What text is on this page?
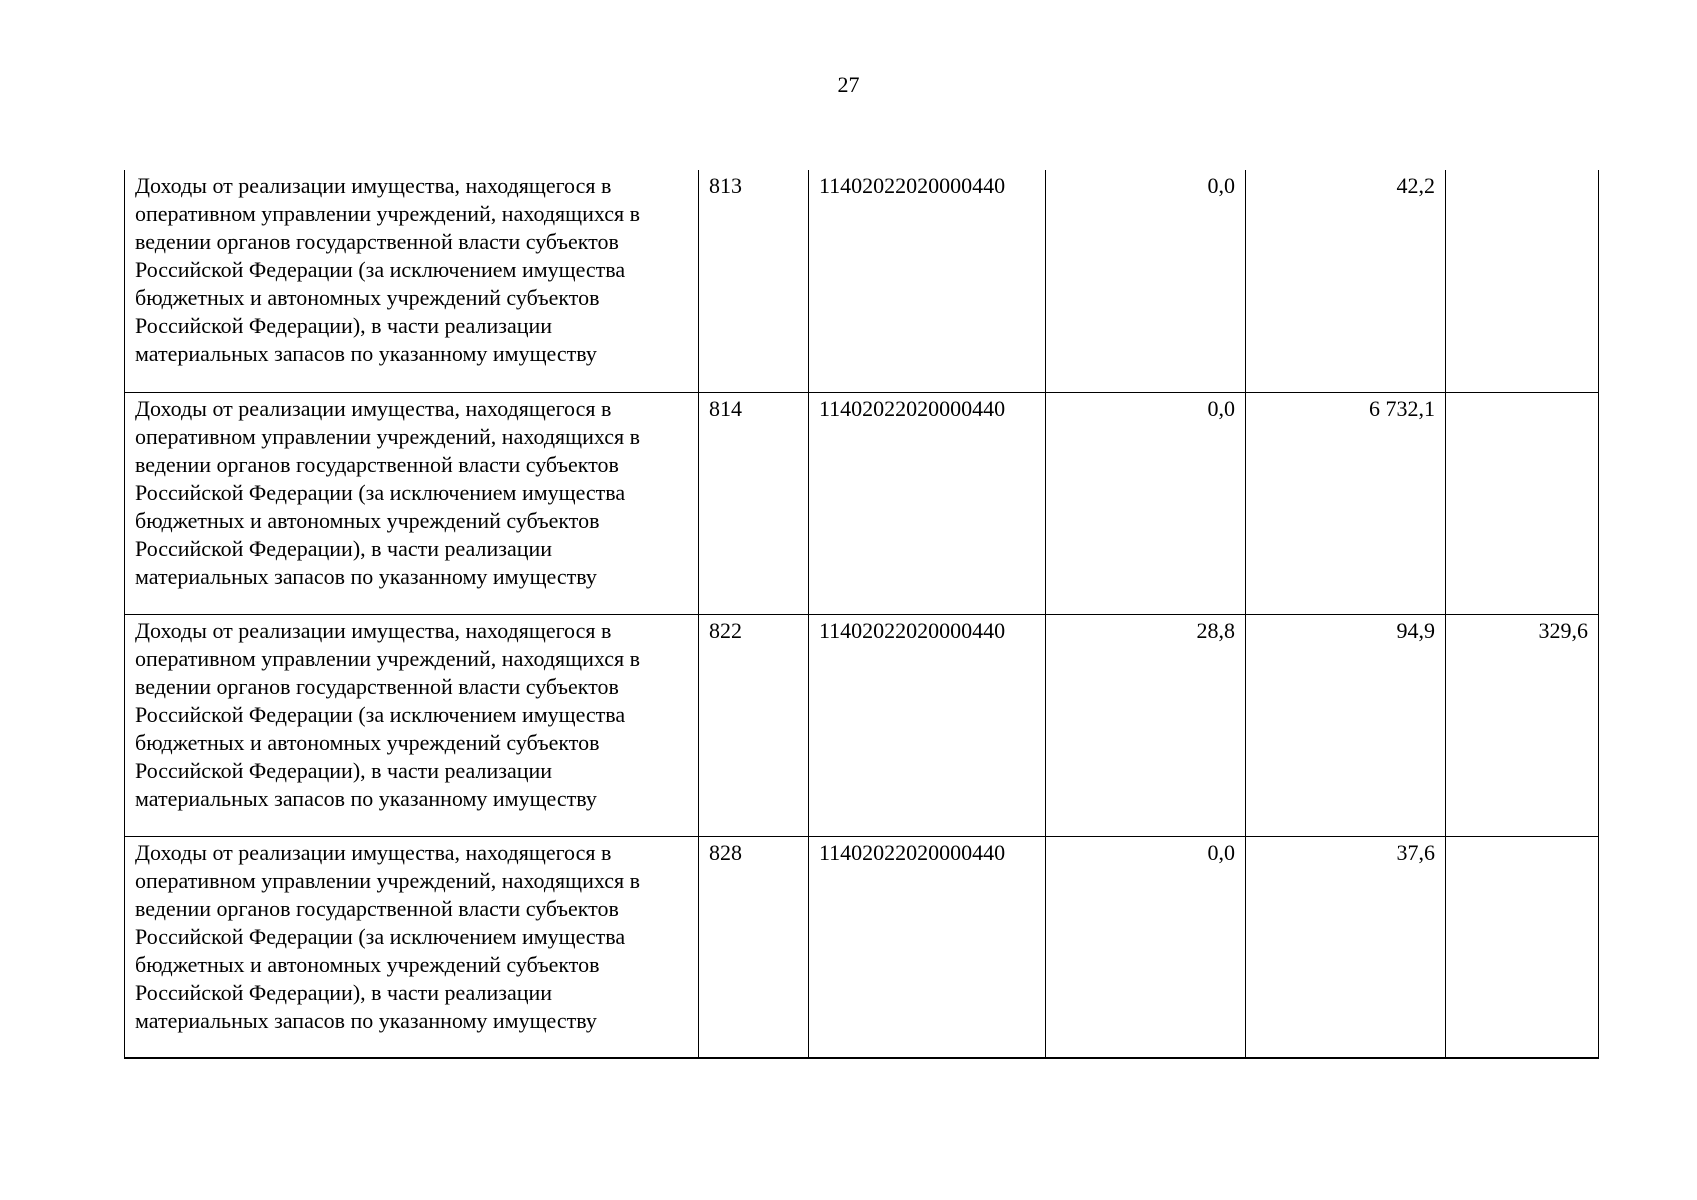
27
Доходы от реализации имущества, находящегося в оперативном управлении учреждений, находящихся в ведении органов государственной власти субъектов Российской Федерации (за исключением имущества бюджетных и автономных учреждений субъектов Российской Федерации), в части реализации материальных запасов по указанному имуществу	813	11402022020000440	0,0	42,2	
Доходы от реализации имущества, находящегося в оперативном управлении учреждений, находящихся в ведении органов государственной власти субъектов Российской Федерации (за исключением имущества бюджетных и автономных учреждений субъектов Российской Федерации), в части реализации материальных запасов по указанному имуществу	814	11402022020000440	0,0	6 732,1	
Доходы от реализации имущества, находящегося в оперативном управлении учреждений, находящихся в ведении органов государственной власти субъектов Российской Федерации (за исключением имущества бюджетных и автономных учреждений субъектов Российской Федерации), в части реализации материальных запасов по указанному имуществу	822	11402022020000440	28,8	94,9	329,6
Доходы от реализации имущества, находящегося в оперативном управлении учреждений, находящихся в ведении органов государственной власти субъектов Российской Федерации (за исключением имущества бюджетных и автономных учреждений субъектов Российской Федерации), в части реализации материальных запасов по указанному имуществу	828	11402022020000440	0,0	37,6	
